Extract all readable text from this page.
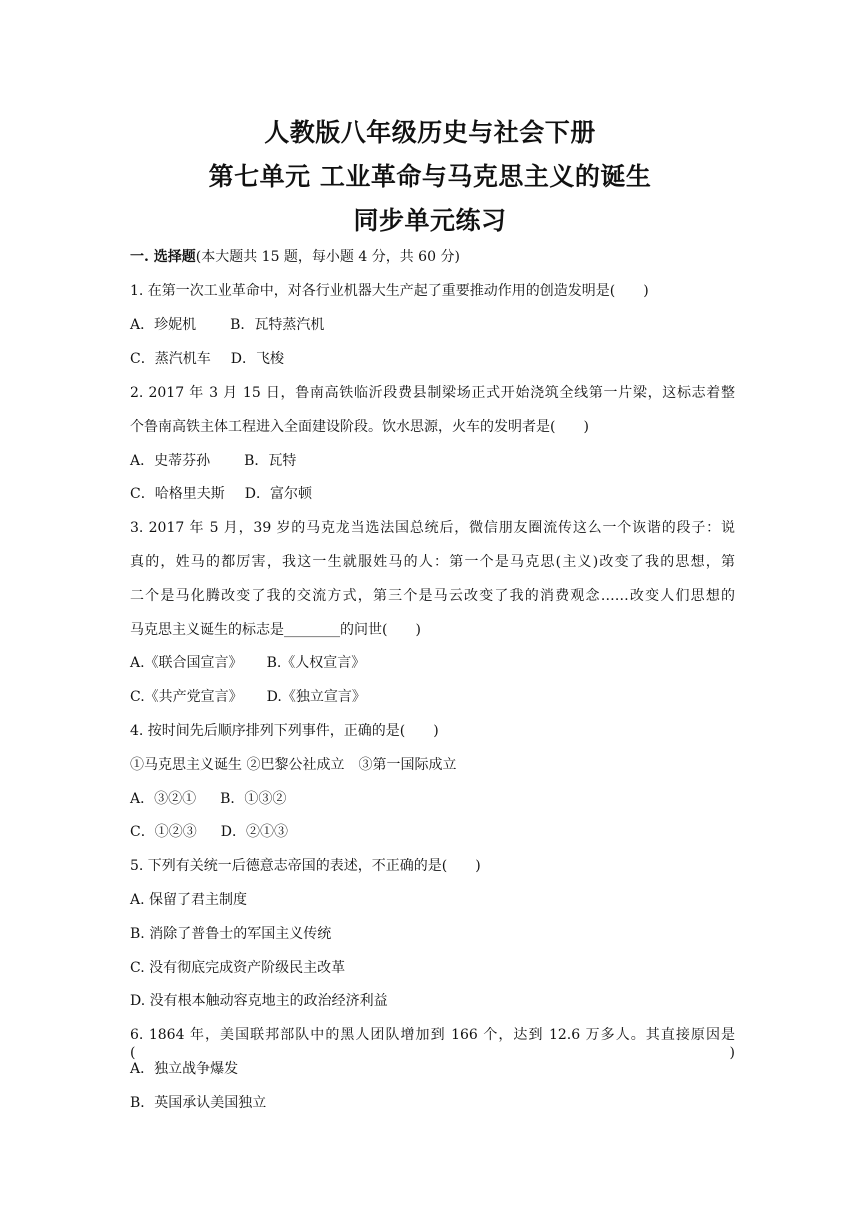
人教版八年级历史与社会下册
第七单元 工业革命与马克思主义的诞生
同步单元练习
一. 选择题(本大题共 15 题，每小题 4 分，共 60 分)
1. 在第一次工业革命中，对各行业机器大生产起了重要推动作用的创造发明是(　　)
A．珍妮机 B．瓦特蒸汽机
C．蒸汽机车 D．飞梭
2. 2017 年 3 月 15 日，鲁南高铁临沂段费县制梁场正式开始浇筑全线第一片梁，这标志着整
个鲁南高铁主体工程进入全面建设阶段。饮水思源，火车的发明者是(　　)
A．史蒂芬孙 B．瓦特
C．哈格里夫斯 D．富尔顿
3. 2017 年 5 月，39 岁的马克龙当选法国总统后，微信朋友圈流传这么一个诙谐的段子：说
真的，姓马的都厉害，我这一生就服姓马的人：第一个是马克思(主义)改变了我的思想，第
二个是马化腾改变了我的交流方式，第三个是马云改变了我的消费观念……改变人们思想的
马克思主义诞生的标志是________的问世(　　)
A.《联合国宣言》 B.《人权宣言》
C.《共产党宣言》 D.《独立宣言》
4. 按时间先后顺序排列下列事件，正确的是(　　)
①马克思主义诞生 ②巴黎公社成立　③第一国际成立
A．③②① B．①③②
C．①②③ D．②①③
5. 下列有关统一后德意志帝国的表述，不正确的是(　　)
A. 保留了君主制度
B. 消除了普鲁士的军国主义传统
C. 没有彻底完成资产阶级民主改革
D. 没有根本触动容克地主的政治经济利益
6. 1864 年，美国联邦部队中的黑人团队增加到 166 个，达到 12.6 万多人。其直接原因是(　　)
A．独立战争爆发
B．英国承认美国独立
